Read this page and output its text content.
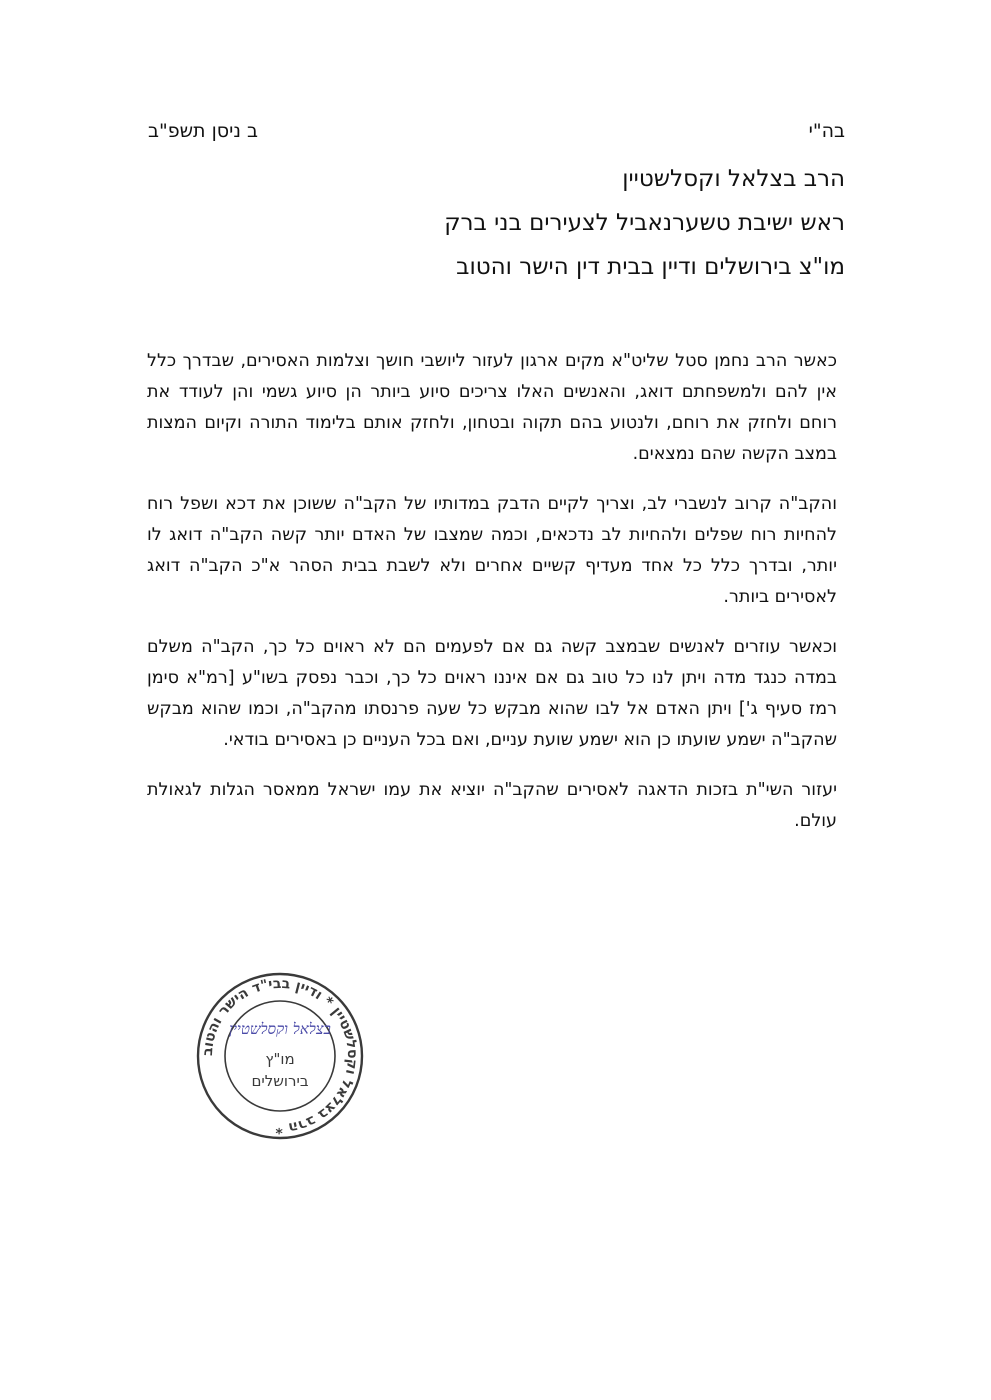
בה"י
ב ניסן תשפ"ב
הרב בצלאל וקסלשטיין
ראש ישיבת טשערנאביל לצעירים בני ברק
מו"צ בירושלים ודיין בבית דין הישר והטוב

כאשר הרב נחמן סטל שליט"א מקים ארגון לעזור ליושבי חושך וצלמות האסירים, שבדרך כלל אין להם ולמשפחתם דואג, והאנשים האלו צריכים סיוע ביותר הן סיוע גשמי והן לעודד את רוחם ולחזק את רוחם, ולנטוע בהם תקוה ובטחון, ולחזק אותם בלימוד התורה וקיום המצות במצב הקשה שהם נמצאים.

והקב"ה קרוב לנשברי לב, וצריך לקיים הדבק במדותיו של הקב"ה ששוכן את דכא ושפל רוח להחיות רוח שפלים ולהחיות לב נדכאים, וכמה שמצבו של האדם יותר קשה הקב"ה דואג לו יותר, ובדרך כלל כל אחד מעדיף קשיים אחרים ולא לשבת בבית הסהר א"כ הקב"ה דואג לאסירים ביותר.

וכאשר עוזרים לאנשים שבמצב קשה גם אם לפעמים הם לא ראוים כל כך, הקב"ה משלם במדה כנגד מדה ויתן לנו כל טוב גם אם איננו ראוים כל כך, וכבר נפסק בשו"ע [רמ"א סימן רמז סעיף ג'] ויתן האדם אל לבו שהוא מבקש כל שעה פרנסתו מהקב"ה, וכמו שהוא מבקש שהקב"ה ישמע שועתו כן הוא ישמע שועת עניים, ואם בכל העניים כן באסירים בודאי.

יעזור השי"ת בזכות הדאגה לאסירים שהקב"ה יוציא את עמו ישראל ממאסר הגלות לגאולת עולם.

הרב בצלאל וקסלשטיין * ודיין בבי"ד הישר והטוב *
בצלאל וקסלשטיין
מו"ץ
בירושלים
